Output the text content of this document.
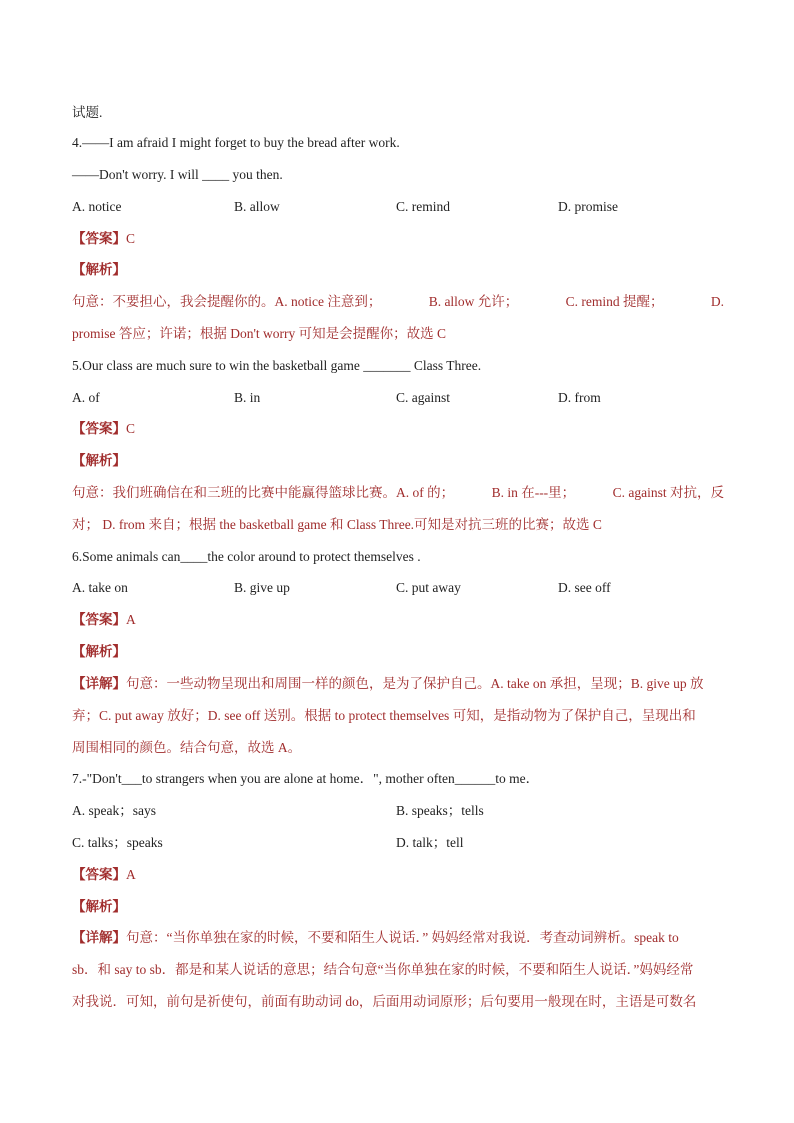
试题.
4.——I am afraid I might forget to buy the bread after work.
——Don't worry. I will ____ you then.
A. notice	B. allow	C. remind	D. promise
【答案】C
【解析】
句意：不要担心，我会提醒你的。A. notice 注意到；	B. allow 允许；	C. remind 提醒；	D.
promise 答应；许诺；根据 Don't worry 可知是会提醒你；故选 C
5.Our class are much sure to win the basketball game _______ Class Three.
A. of	B. in	C. against	D. from
【答案】C
【解析】
句意：我们班确信在和三班的比赛中能赢得篮球比赛。A. of 的；	B. in 在---里；	C. against 对抗，反
对； D. from 来自；根据 the basketball game 和 Class Three.可知是对抗三班的比赛；故选 C
6.Some animals can____the color around to protect themselves .
A. take on	B. give up	C. put away	D. see off
【答案】A
【解析】
【详解】句意：一些动物呈现出和周围一样的颜色，是为了保护自己。A. take on 承担，呈现；B. give up 放
弃；C. put away 放好；D. see off 送别。根据 to protect themselves 可知，是指动物为了保护自己，呈现出和
周围相同的颜色。结合句意，故选 A。
7.-"Don't___to strangers when you are alone at home．", mother often______to me．
A. speak；says	B. speaks；tells
C. talks；speaks	D. talk；tell
【答案】A
【解析】
【详解】句意：“当你单独在家的时候，不要和陌生人说话．” 妈妈经常对我说．考查动词辨析。speak to
sb．和 say to sb．都是和某人说话的意思；结合句意“当你单独在家的时候，不要和陌生人说话．”妈妈经常
对我说．可知，前句是祈使句，前面有助动词 do，后面用动词原形；后句要用一般现在时，主语是可数名
